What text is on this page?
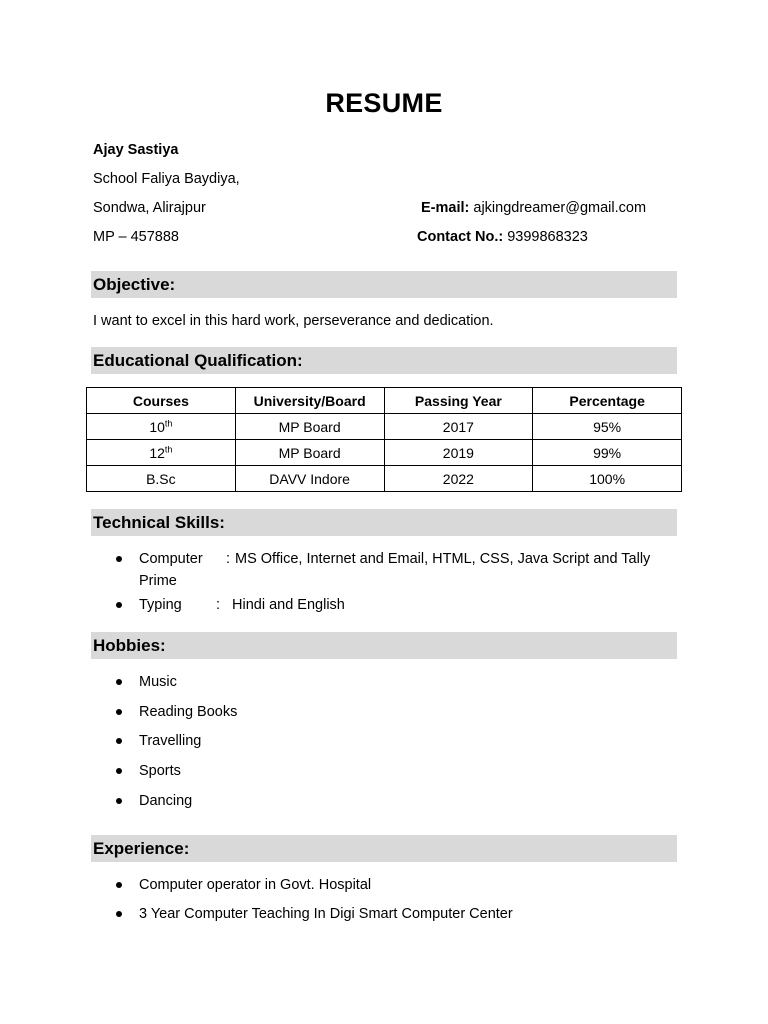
RESUME
Ajay Sastiya
School Faliya Baydiya,
Sondwa, Alirajpur
MP – 457888
E-mail: ajkingdreamer@gmail.com
Contact No.: 9399868323
Objective:
I want to excel in this hard work, perseverance and dedication.
Educational Qualification:
Courses	University/Board	Passing Year	Percentage
10th	MP Board	2017	95%
12th	MP Board	2019	99%
B.Sc	DAVV Indore	2022	100%
Technical Skills:
Computer : MS Office, Internet and Email, HTML, CSS, Java Script and Tally
Prime
Typing : Hindi and English
Hobbies:
Music
Reading Books
Travelling
Sports
Dancing
Experience:
Computer operator in Govt. Hospital
3 Year Computer Teaching In Digi Smart Computer Center
